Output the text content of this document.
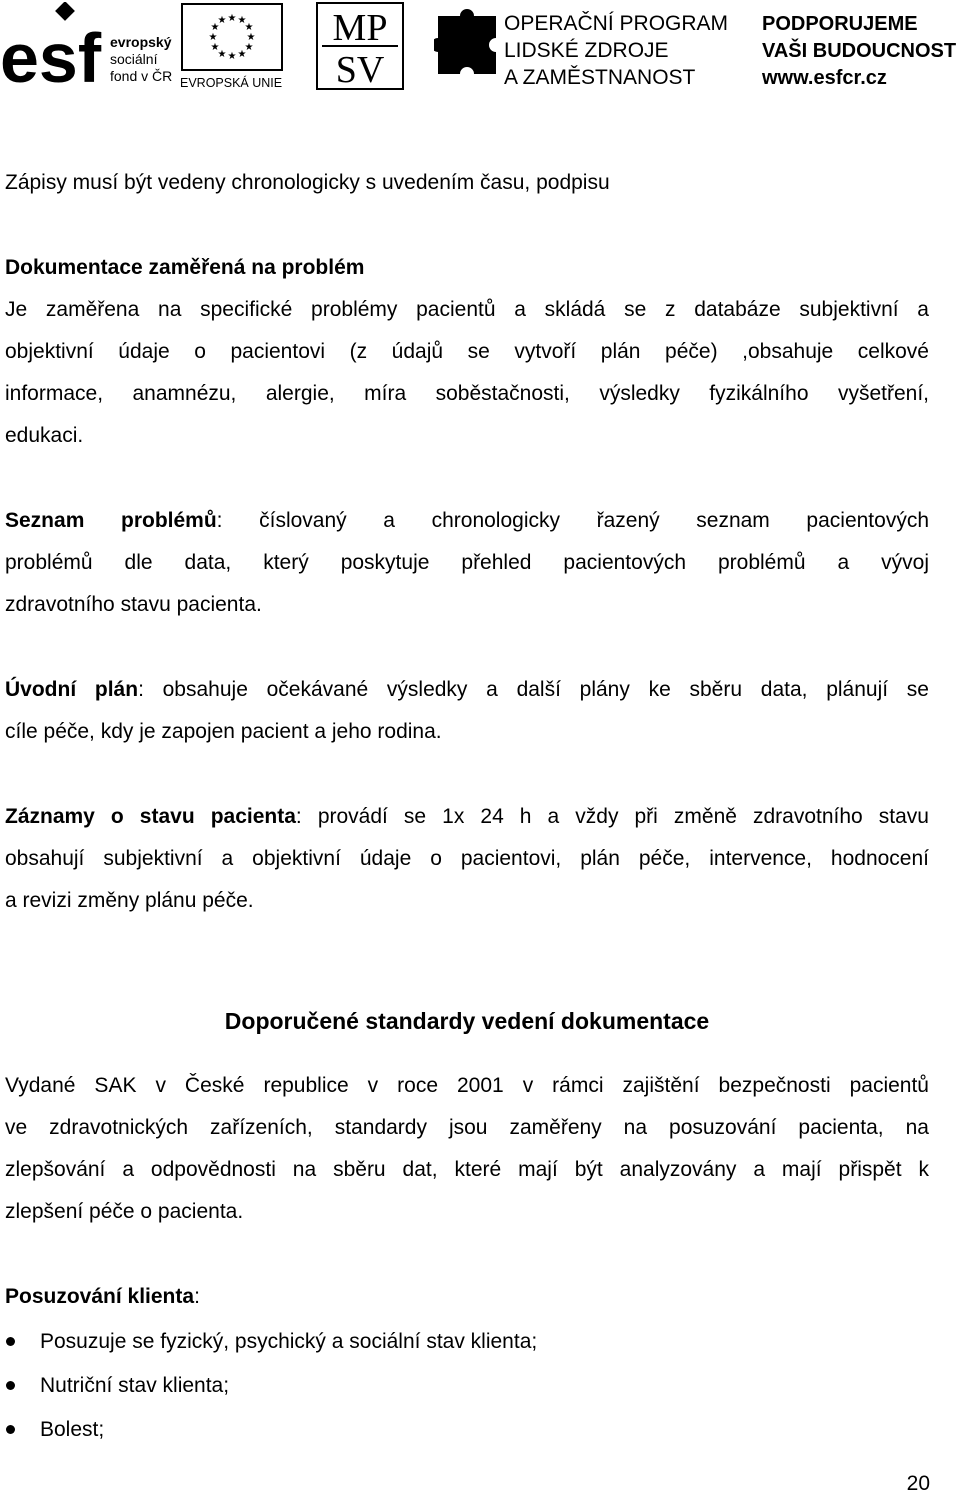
esf evropský
sociální
fond v ČR
★ ★
★
★
★
★
★
★
★
★
★
★
EVROPSKÁ UNIE
MP
SV
OPERAČNÍ PROGRAM
LIDSKÉ ZDROJE
A ZAMĚSTNANOST
PODPORUJEME
VAŠI BUDOUCNOST
www.esfcr.cz
Zápisy musí být vedeny chronologicky s uvedením času, podpisu
Dokumentace zaměřená na problém
Je zaměřena na specifické problémy pacientů a skládá se z databáze subjektivní a
objektivní údaje o pacientovi (z údajů se vytvoří plán péče) ,obsahuje celkové
informace, anamnézu, alergie, míra soběstačnosti, výsledky fyzikálního vyšetření,
edukaci.
Seznam problémů: číslovaný a chronologicky řazený seznam pacientových
problémů dle data, který poskytuje přehled pacientových problémů a vývoj
zdravotního stavu pacienta.
Úvodní plán: obsahuje očekávané výsledky a další plány ke sběru data, plánují se
cíle péče, kdy je zapojen pacient a jeho rodina.
Záznamy o stavu pacienta: provádí se 1x 24 h a vždy při změně zdravotního stavu
obsahují subjektivní a objektivní údaje o pacientovi, plán péče, intervence, hodnocení
a revizi změny plánu péče.
Doporučené standardy vedení dokumentace
Vydané SAK v České republice v roce 2001 v rámci zajištění bezpečnosti pacientů
ve zdravotnických zařízeních, standardy jsou zaměřeny na posuzování pacienta, na
zlepšování a odpovědnosti na sběru dat, které mají být analyzovány a mají přispět k
zlepšení péče o pacienta.
Posuzování klienta:
Posuzuje se fyzický, psychický a sociální stav klienta;
Nutriční stav klienta;
Bolest;
20
